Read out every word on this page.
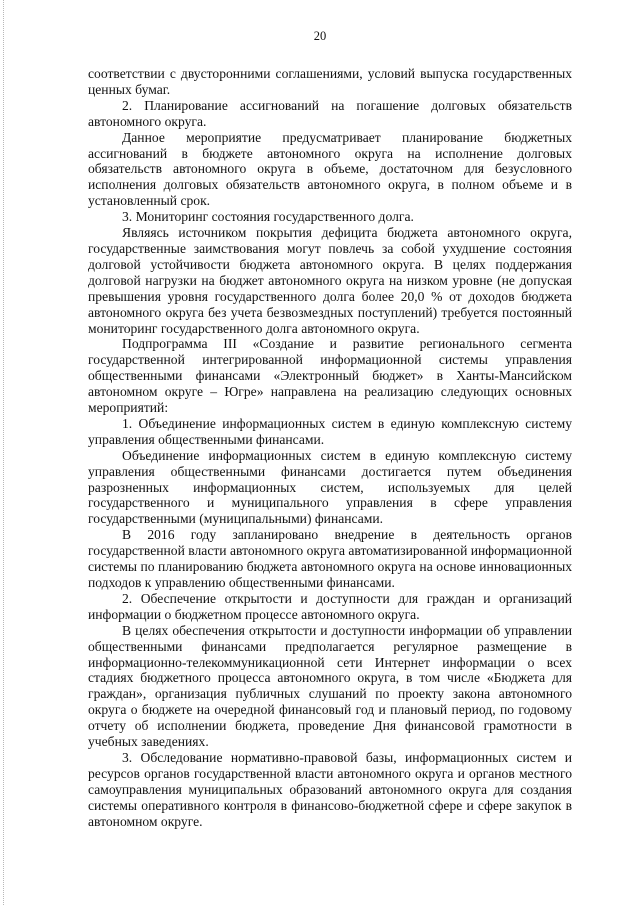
20

соответствии с двусторонними соглашениями, условий выпуска государственных ценных бумаг.

2. Планирование ассигнований на погашение долговых обязательств автономного округа.

Данное мероприятие предусматривает планирование бюджетных ассигнований в бюджете автономного округа на исполнение долговых обязательств автономного округа в объеме, достаточном для безусловного исполнения долговых обязательств автономного округа, в полном объеме и в установленный срок.

3. Мониторинг состояния государственного долга.

Являясь источником покрытия дефицита бюджета автономного округа, государственные заимствования могут повлечь за собой ухудшение состояния долговой устойчивости бюджета автономного округа. В целях поддержания долговой нагрузки на бюджет автономного округа на низком уровне (не допуская превышения уровня государственного долга более 20,0 % от доходов бюджета автономного округа без учета безвозмездных поступлений) требуется постоянный мониторинг государственного долга автономного округа.

Подпрограмма III «Создание и развитие регионального сегмента государственной интегрированной информационной системы управления общественными финансами «Электронный бюджет» в Ханты-Мансийском автономном округе – Югре» направлена на реализацию следующих основных мероприятий:

1. Объединение информационных систем в единую комплексную систему управления общественными финансами.

Объединение информационных систем в единую комплексную систему управления общественными финансами достигается путем объединения разрозненных информационных систем, используемых для целей государственного и муниципального управления в сфере управления государственными (муниципальными) финансами.

В 2016 году запланировано внедрение в деятельность органов государственной власти автономного округа автоматизированной информационной системы по планированию бюджета автономного округа на основе инновационных подходов к управлению общественными финансами.

2. Обеспечение открытости и доступности для граждан и организаций информации о бюджетном процессе автономного округа.

В целях обеспечения открытости и доступности информации об управлении общественными финансами предполагается регулярное размещение в информационно-телекоммуникационной сети Интернет информации о всех стадиях бюджетного процесса автономного округа, в том числе «Бюджета для граждан», организация публичных слушаний по проекту закона автономного округа о бюджете на очередной финансовый год и плановый период, по годовому отчету об исполнении бюджета, проведение Дня финансовой грамотности в учебных заведениях.

3. Обследование нормативно-правовой базы, информационных систем и ресурсов органов государственной власти автономного округа и органов местного самоуправления муниципальных образований автономного округа для создания системы оперативного контроля в финансово-бюджетной сфере и сфере закупок в автономном округе.
